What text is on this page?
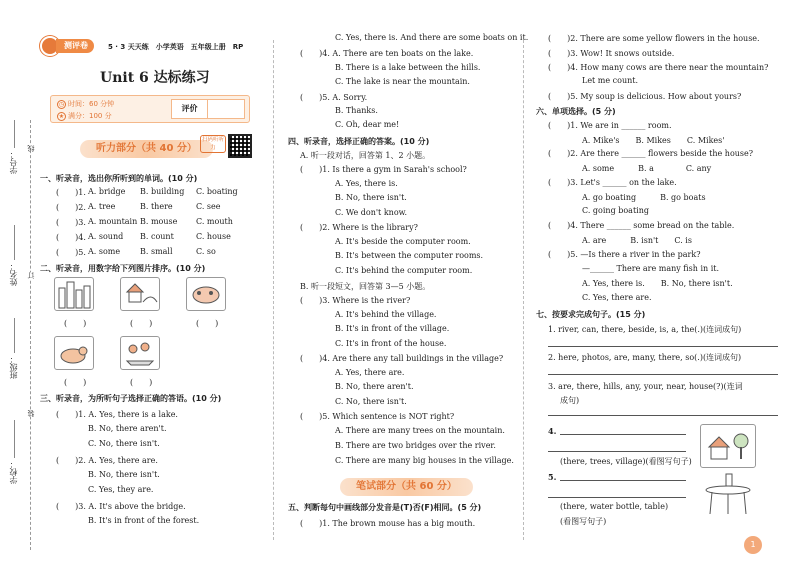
学号：
姓名：
班级：
学校：
线
订
装
测评卷	5 · 3 天天练　小学英语　五年级上册　RP
Unit 6 达标练习
◷ 时间：60 分钟
★ 满分：100 分
评价
听力部分（共 40 分）
扫码听听力
一、听录音，选出你所听到的单词。(10 分)
(　　)1. A. bridge B. building C. boating
(　　)2. A. tree	B. there	C. see
(　　)3. A. mountain B. mouse C. mouth
(　　)4. A. sound B. count	C. house
(　　)5. A. some B. small	C. so
二、听录音，用数字给下列图片排序。(10 分)
(　　)	(　　)	(　　)
(　　)	(　　)
三、听录音，为所听句子选择正确的答语。(10 分)
(　　)1. A. Yes, there is a lake.
B. No, there aren't.
C. No, there isn't.
(　　)2. A. Yes, there are.
B. No, there isn't.
C. Yes, they are.
(　　)3. A. It's above the bridge.
B. It's in front of the forest.
C. Yes, there is. And there are some boats on it.
(　　)4. A. There are ten boats on the lake.
B. There is a lake between the hills.
C. The lake is near the mountain.
(　　)5. A. Sorry.
B. Thanks.
C. Oh, dear me!
四、听录音，选择正确的答案。(10 分)
A. 听一段对话，回答第 1、2 小题。
(　　)1. Is there a gym in Sarah's school?
A. Yes, there is.
B. No, there isn't.
C. We don't know.
(　　)2. Where is the library?
A. It's beside the computer room.
B. It's between the computer rooms.
C. It's behind the computer room.
B. 听一段短文，回答第 3—5 小题。
(　　)3. Where is the river?
A. It's behind the village.
B. It's in front of the village.
C. It's in front of the house.
(　　)4. Are there any tall buildings in the village?
A. Yes, there are.
B. No, there aren't.
C. No, there isn't.
(　　)5. Which sentence is NOT right?
A. There are many trees on the mountain.
B. There are two bridges over the river.
C. There are many big houses in the village.
笔试部分（共 60 分）
五、判断每句中画线部分发音是(T)否(F)相同。(5 分)
(　　)1. The brown mouse has a big mouth.
(　　)2. There are some yellow flowers in the house.
(　　)3. Wow! It snows outside.
(　　)4. How many cows are there near the mountain?
Let me count.
(　　)5. My soup is delicious. How about yours?
六、单项选择。(5 分)
(　　)1. We are in ______ room.
A. Mike's　　B. Mikes　　C. Mikes'
(　　)2. Are there ______ flowers beside the house?
A. some　　　B. a　　　　C. any
(　　)3. Let's ______ on the lake.
A. go boating　　　B. go boats
C. going boating
(　　)4. There ______ some bread on the table.
A. are　　　B. isn't　　C. is
(　　)5. —Is there a river in the park?
—______ There are many fish in it.
A. Yes, there is.　　B. No, there isn't.
C. Yes, there are.
七、按要求完成句子。(15 分)
1. river, can, there, beside, is, a, the(.)(连词成句)
2. here, photos, are, many, there, so(.)(连词成句)
3. are, there, hills, any, your, near, house(?)(连词
成句)
4.
(there, trees, village)(看图写句子)
5.
(there, water bottle, table)
(看图写句子)
1
